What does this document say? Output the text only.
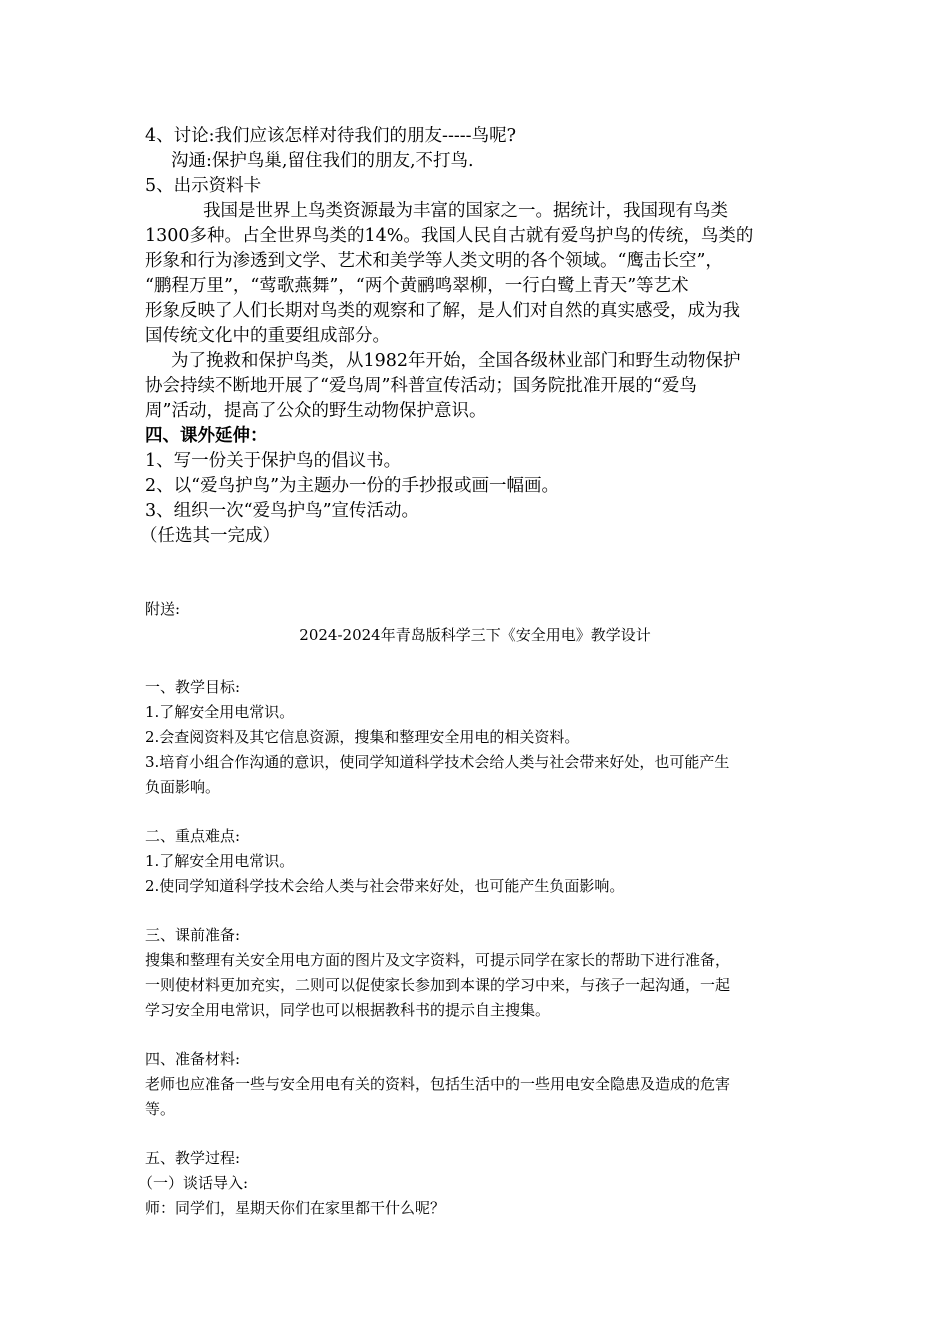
4、讨论:我们应该怎样对待我们的朋友-----鸟呢?
沟通:保护鸟巢,留住我们的朋友,不打鸟.
5、出示资料卡
我国是世界上鸟类资源最为丰富的国家之一。据统计，我国现有鸟类
1300多种。占全世界鸟类的14%。我国人民自古就有爱鸟护鸟的传统，鸟类的
形象和行为渗透到文学、艺术和美学等人类文明的各个领域。“鹰击长空”，
“鹏程万里”，“莺歌燕舞”，“两个黄鹂鸣翠柳，一行白鹭上青天”等艺术
形象反映了人们长期对鸟类的观察和了解，是人们对自然的真实感受，成为我
国传统文化中的重要组成部分。
为了挽救和保护鸟类，从1982年开始，全国各级林业部门和野生动物保护
协会持续不断地开展了“爱鸟周”科普宣传活动；国务院批准开展的“爱鸟
周”活动，提高了公众的野生动物保护意识。
四、课外延伸：
1、写一份关于保护鸟的倡议书。
2、以“爱鸟护鸟”为主题办一份的手抄报或画一幅画。
3、组织一次“爱鸟护鸟”宣传活动。
（任选其一完成）
附送:
2024-2024年青岛版科学三下《安全用电》教学设计
一、教学目标:
1.了解安全用电常识。
2.会查阅资料及其它信息资源，搜集和整理安全用电的相关资料。
3.培育小组合作沟通的意识，使同学知道科学技术会给人类与社会带来好处，也可能产生
负面影响。
二、重点难点:
1.了解安全用电常识。
2.使同学知道科学技术会给人类与社会带来好处，也可能产生负面影响。
三、课前准备:
搜集和整理有关安全用电方面的图片及文字资料，可提示同学在家长的帮助下进行准备，
一则使材料更加充实，二则可以促使家长参加到本课的学习中来，与孩子一起沟通，一起
学习安全用电常识，同学也可以根据教科书的提示自主搜集。
四、准备材料:
老师也应准备一些与安全用电有关的资料，包括生活中的一些用电安全隐患及造成的危害
等。
五、教学过程:
（一）谈话导入:
师：同学们，星期天你们在家里都干什么呢？
